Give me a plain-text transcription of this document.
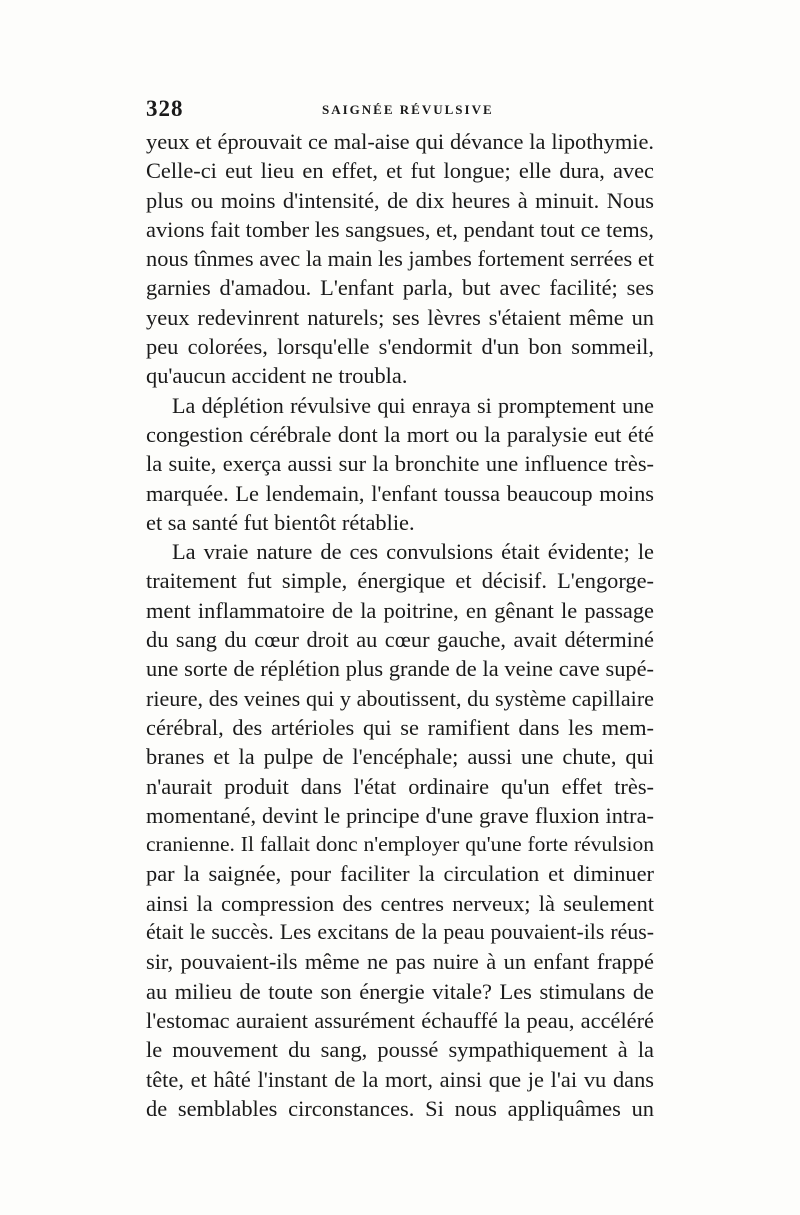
328	SAIGNÉE RÉVULSIVE

yeux et éprouvait ce mal-aise qui dévance la lipothymie.

Celle-ci eut lieu en effet, et fut longue; elle dura, avec

plus ou moins d'intensité, de dix heures à minuit. Nous

avions fait tomber les sangsues, et, pendant tout ce tems,

nous tînmes avec la main les jambes fortement serrées et

garnies d'amadou. L'enfant parla, but avec facilité; ses

yeux redevinrent naturels; ses lèvres s'étaient même un

peu colorées, lorsqu'elle s'endormit d'un bon sommeil,

qu'aucun accident ne troubla.

La déplétion révulsive qui enraya si promptement une

congestion cérébrale dont la mort ou la paralysie eut été

la suite, exerça aussi sur la bronchite une influence très-

marquée. Le lendemain, l'enfant toussa beaucoup moins

et sa santé fut bientôt rétablie.

La vraie nature de ces convulsions était évidente; le

traitement fut simple, énergique et décisif. L'engorge-

ment inflammatoire de la poitrine, en gênant le passage

du sang du cœur droit au cœur gauche, avait déterminé

une sorte de réplétion plus grande de la veine cave supé-

rieure, des veines qui y aboutissent, du système capillaire

cérébral, des artérioles qui se ramifient dans les mem-

branes et la pulpe de l'encéphale; aussi une chute, qui

n'aurait produit dans l'état ordinaire qu'un effet très-

momentané, devint le principe d'une grave fluxion intra-

cranienne. Il fallait donc n'employer qu'une forte révulsion

par la saignée, pour faciliter la circulation et diminuer

ainsi la compression des centres nerveux; là seulement

était le succès. Les excitans de la peau pouvaient-ils réus-

sir, pouvaient-ils même ne pas nuire à un enfant frappé

au milieu de toute son énergie vitale? Les stimulans de

l'estomac auraient assurément échauffé la peau, accéléré

le mouvement du sang, poussé sympathiquement à la

tête, et hâté l'instant de la mort, ainsi que je l'ai vu dans

de semblables circonstances. Si nous appliquâmes un
